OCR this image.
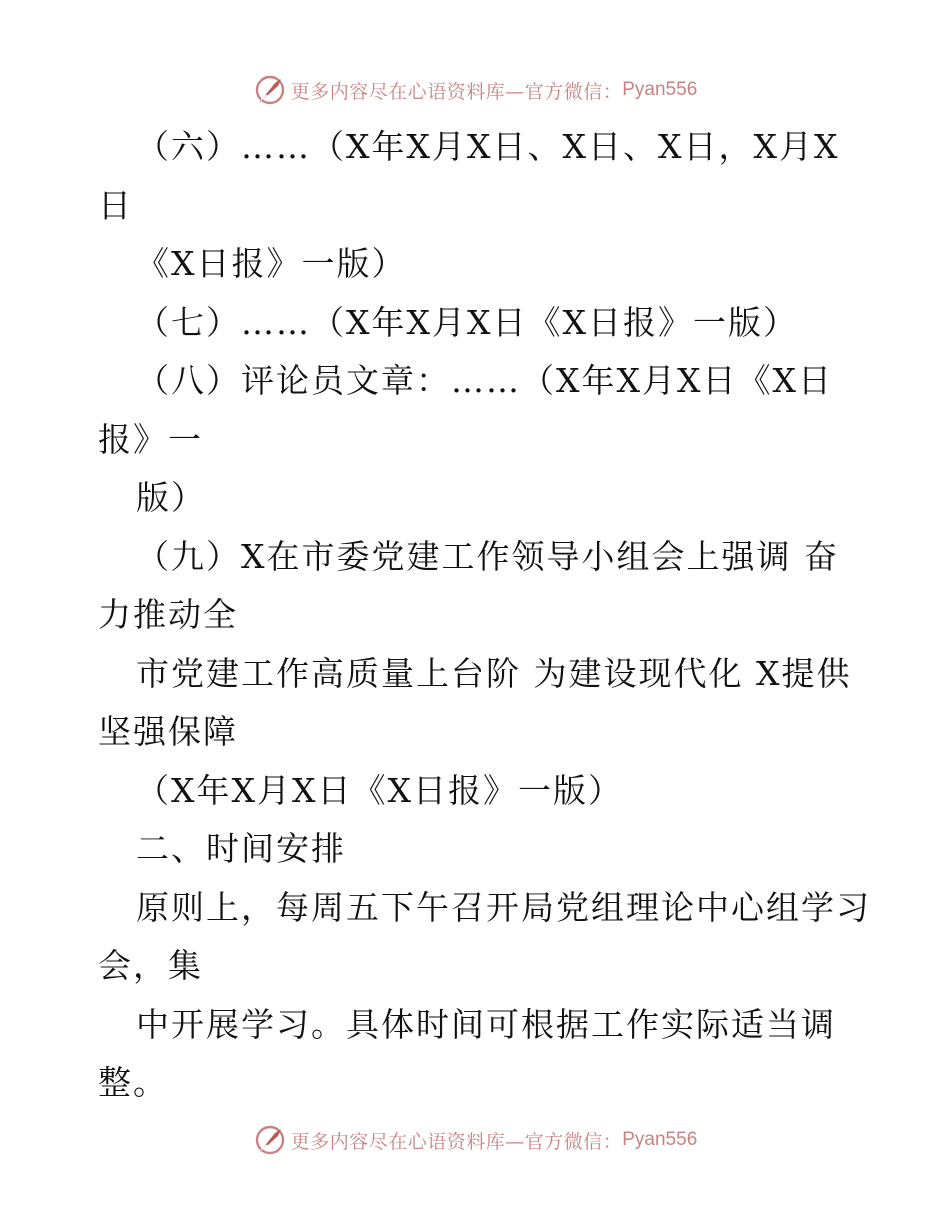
更多内容尽在心语资料库—官方微信： Pyan556
（六）……（X年X月X日、X日、X日，X月X
日
《X日报》一版）
（七）……（X年X月X日《X日报》一版）
（八）评论员文章：……（X年X月X日《X日
报》一
版）
（九）X在市委党建工作领导小组会上强调 奋
力推动全
市党建工作高质量上台阶 为建设现代化 X提供
坚强保障
（X年X月X日《X日报》一版）
二、时间安排
原则上，每周五下午召开局党组理论中心组学习
会，集
中开展学习。具体时间可根据工作实际适当调
整。
更多内容尽在心语资料库—官方微信： Pyan556
